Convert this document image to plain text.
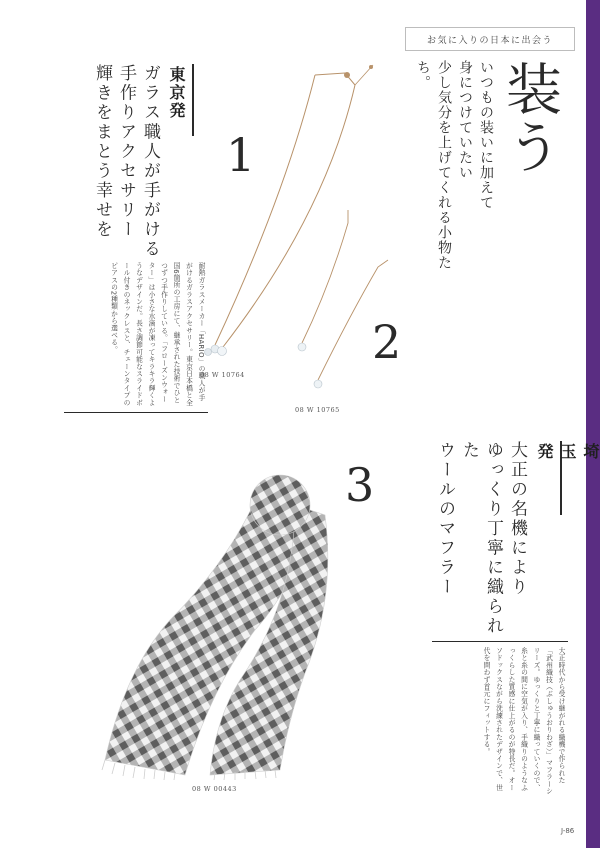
お気に入りの日本に出会う
装う
いつもの装いに加えて
身につけていたい
少し気分を上げてくれる小物たち。
東京発
ガラス職人が手がける
手作りアクセサリー
輝きをまとう幸せを
耐熱ガラスメーカー「HARIO」の職人が手がけるガラスアクセサリー。東京日本橋と全国6箇所の工房にて、継承された技術でひとつずつ手作りしている。「フローズンウォーター」は小さな水滴が凍ってキラキラ輝くようなデザインだ。長さ調節可能なスライドボール付きのネックレスと、チェーンタイプのピアスの2種類から選べる。
1
2
3
08 W 10764
08 W 10765
08 W 00443
埼玉発
大正の名機により
ゆっくり丁寧に織られた
ウールのマフラー
大正時代から受け継がれる織機で作られた「武州織技（ぶしゅうおりわざ）」マフラーシリーズ。ゆっくりと丁寧に織っていくので、糸と糸の間に空気が入り、手織りのようなふっくらした質感に仕上がるのが特長だ。オーソドックスながら洗練されたデザインで、世代を問わず首元にフィットする。
J-86
